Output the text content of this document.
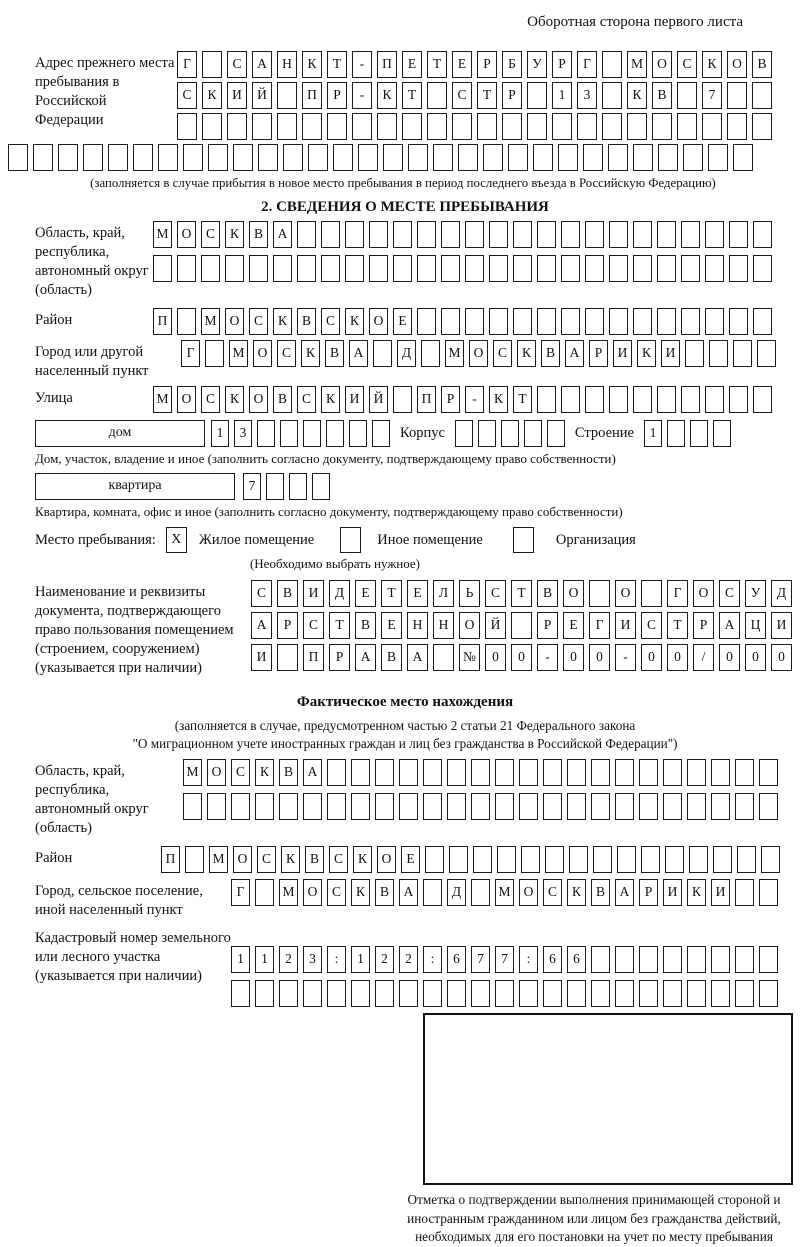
Оборотная сторона первого листа
Адрес прежнего места пребывания в Российской Федерации
Г	С	А	Н	К	Т	-	П	Е	Т	Е	Р	Б	У	Р	Г	М	О	С	К	О	В
С	К	И	Й	П	Р	-	К	Т	С	Т	Р	1	3	К	В	7
(заполняется в случае прибытия в новое место пребывания в период последнего въезда в Российскую Федерацию)
2. СВЕДЕНИЯ О МЕСТЕ ПРЕБЫВАНИЯ
Область, край, республика, автономный округ (область)
М О	С	К	В	А
Район	П	М О	С	К	В	С	К	О	Е
Город или другой населенный пункт
Г	М О	С	К	В	А	Д	М О	С	К	В	А	Р	И	К	И
Улица	М О	С	К	О	В	С	К	И	Й	П	Р	-	К	Т
дом	1	3	Корпус	Строение	1
Дом, участок, владение и иное (заполнить согласно документу, подтверждающему право собственности)
квартира	7
Квартира, комната, офис и иное (заполнить согласно документу, подтверждающему право собственности)
Место пребывания:	X	Жилое помещение	Иное помещение	Организация
(Необходимо выбрать нужное)
Наименование и реквизиты документа, подтверждающего право пользования помещением (строением, сооружением) (указывается при наличии)
С	В	И	Д	Е	Т	Е	Л	Ь	С	Т	В	О	О	Г	О	С	У	Д
А	Р	С	Т	В	Е	Н	Н	О	Й	Р	Е	Г	И	С	Т	Р	А	Ц	И
И	П	Р	А	В	А	№	0	0	-	0	0	-	0	0	/	0	0	0
Фактическое место нахождения
(заполняется в случае, предусмотренном частью 2 статьи 21 Федерального закона
"О миграционном учете иностранных граждан и лиц без гражданства в Российской Федерации")
Область, край, республика, автономный округ (область)
М О	С	К	В	А
Район	П	М О	С	К	В	С	К	О	Е
Город, сельское поселение, иной населенный пункт
Г	М О	С	К	В	А	Д	М О	С	К	В	А	Р	И	К	И
Кадастровый номер земельного или лесного участка (указывается при наличии)
1	1	2	3	:	1	2	2	:	6	7	7	:	6	6
Отметка о подтверждении выполнения принимающей стороной и иностранным гражданином или лицом без гражданства действий, необходимых для его постановки на учет по месту пребывания
